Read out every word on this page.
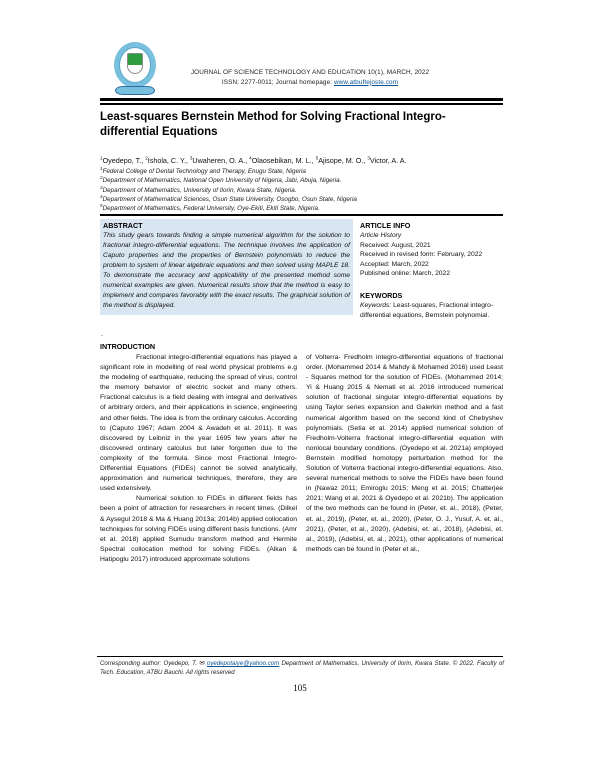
JOURNAL OF SCIENCE TECHNOLOGY AND EDUCATION 10(1), MARCH, 2022
ISSN: 2277-0011; Journal homepage: www.atbuftejoste.com
Least-squares Bernstein Method for Solving Fractional Integro-
differential Equations
$^1$Oyedepo, T., $^2$Ishola, C. Y., $^3$Uwaheren, O. A., $^4$Olaosebikan, M. L., $^5$Ajisope, M. O., $^3$Victor, A. A.
$^1$Federal College of Dental Technology and Therapy, Enugu State, Nigeria
$^2$Department of Mathematics, National Open University of Nigeria, Jabi, Abuja, Nigeria.
$^3$Department of Mathematics, University of Ilorin, Kwara State, Nigeria.
$^4$Department of Mathematical Sciences, Osun State University, Osogbo, Osun State, Nigeria
$^5$Department of Mathematics, Federal University, Oye-Ekiti, Ekiti State, Nigeria.
ABSTRACT
This study gears towards finding a simple numerical algorithm for the solution to fractional integro-differential equations. The technique involves the application of Caputo properties and the properties of Bernstein polynomials to reduce the problem to system of linear algebraic equations and then solved using MAPLE 18. To demonstrate the accuracy and applicability of the presented method some numerical examples are given. Numerical results show that the method is easy to implement and compares favorably with the exact results. The graphical solution of the method is displayed.
ARTICLE INFO
Article History
Received: August, 2021
Received in revised form: February, 2022
Accepted: March, 2022
Published online: March, 2022
KEYWORDS
Keywords: Least-squares, Fractional integro-differential equations, Bernstein polynomial.
.
INTRODUCTION

Fractional integro-differential equations has played a significant role in modelling of real world physical problems e.g the modeling of earthquake, reducing the spread of virus, control the memory behavior of electric socket and many others. Fractional calculus is a field dealing with integral and derivatives of arbitrary orders, and their applications in science, engineering and other fields. The idea is from the ordinary calculus. According to (Caputo 1967; Adam 2004 & Awadeh et al. 2011). It was discovered by Leibniz in the year 1695 few years after he discovered ordinary calculus but later forgotten due to the complexity of the formula. Since most Fractional Integro-Differential Equations (FIDEs) cannot be solved analytically, approximation and numerical techniques, therefore, they are used extensively.

Numerical solution to FIDEs in different fields has been a point of attraction for researchers in recent times. (Dilkel & Aysegul 2018 & Ma & Huang 2013a; 2014b) applied collocation techniques for solving FIDEs using different basis functions. (Amr et al. 2018) applied Sumudu transform method and Hermite Spectral collocation method for solving FIDEs. (Alkan & Hatipoglu 2017) introduced approximate solutions

of Volterra- Fredholm integro-differential equations of fractional order. (Mohammed 2014 & Mahdy & Mohamed 2016) used Least - Squares method for the solution of FIDEs. (Mohammed 2014; Yi & Huang 2015 & Nemati et al. 2016 introduced numerical solution of fractional singular integro-differential equations by using Taylor series expansion and Galerkin method and a fast numerical algorithm based on the second kind of Chebyshev polynomials. (Setia et al. 2014) applied numerical solution of Fredholm-Volterra fractional integro-differential equation with nonlocal boundary conditions. (Oyedepo et al. 2021a) employed Bernstein modified homotopy perturbation method for the Solution of Volterra fractional integro-differential equations. Also, several numerical methods to solve the FIDEs have been found in (Nawaz 2011; Emiroglu 2015; Meng et al. 2015; Chatterjee 2021; Wang et al. 2021 & Oyedepo et al. 2021b). The application of the two methods can be found in (Peter, et. al., 2018), (Peter, et. al., 2019), (Peter, et. al., 2020), (Peter, O. J., Yusuf, A. et. al., 2021), (Peter, et al., 2020), (Adebisi, et. al., 2018), (Adebisi, et. al., 2019), (Adebisi, et. al., 2021), other applications of numerical methods can be found in (Peter et al.,

Corresponding author: Oyedepo, T. ✉ oyedepotaiye@yahoo.com Department of Mathematics, University of Ilorin, Kwara State. © 2022. Faculty of Tech. Education, ATBU Bauchi. All rights reserved
105
